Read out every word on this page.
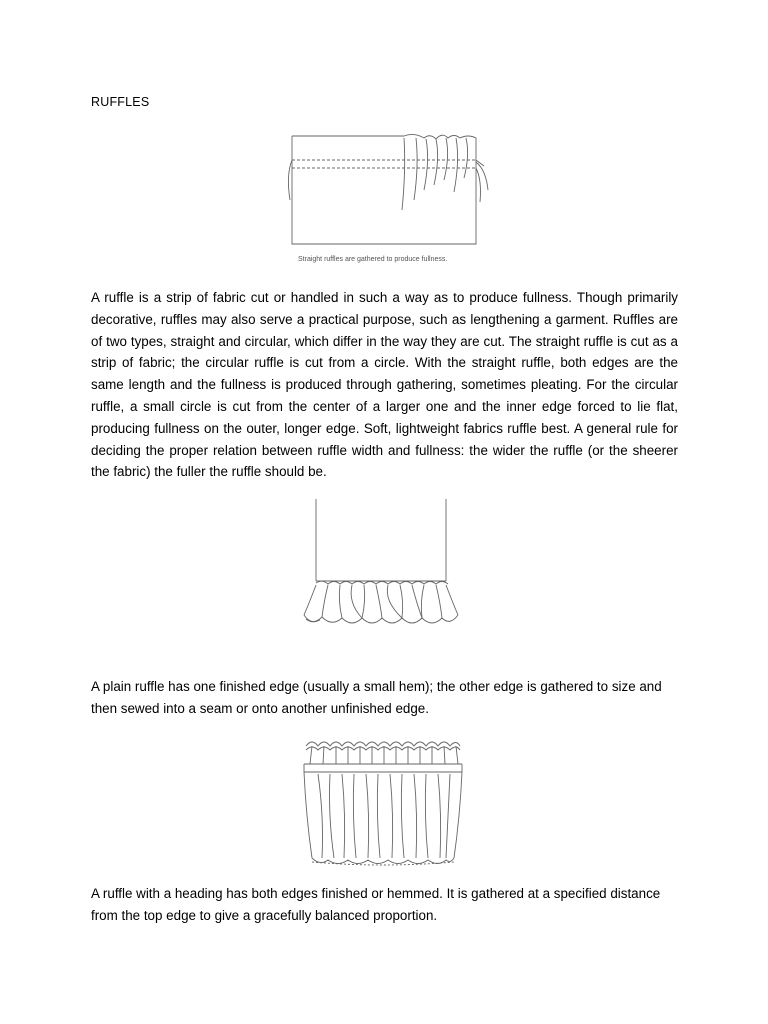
RUFFLES
Straight ruffles are gathered to produce fullness.

A ruffle is a strip of fabric cut or handled in such a way as to produce fullness. Though primarily decorative, ruffles may also serve a practical purpose, such as lengthening a garment. Ruffles are of two types, straight and circular, which differ in the way they are cut. The straight ruffle is cut as a strip of fabric; the circular ruffle is cut from a circle. With the straight ruffle, both edges are the same length and the fullness is produced through gathering, sometimes pleating. For the circular ruffle, a small circle is cut from the center of a larger one and the inner edge forced to lie flat, producing fullness on the outer, longer edge. Soft, lightweight fabrics ruffle best. A general rule for deciding the proper relation between ruffle width and fullness: the wider the ruffle (or the sheerer the fabric) the fuller the ruffle should be.

A plain ruffle has one finished edge (usually a small hem); the other edge is gathered to size and then sewed into a seam or onto another unfinished edge.

A ruffle with a heading has both edges finished or hemmed. It is gathered at a specified distance from the top edge to give a gracefully balanced proportion.
